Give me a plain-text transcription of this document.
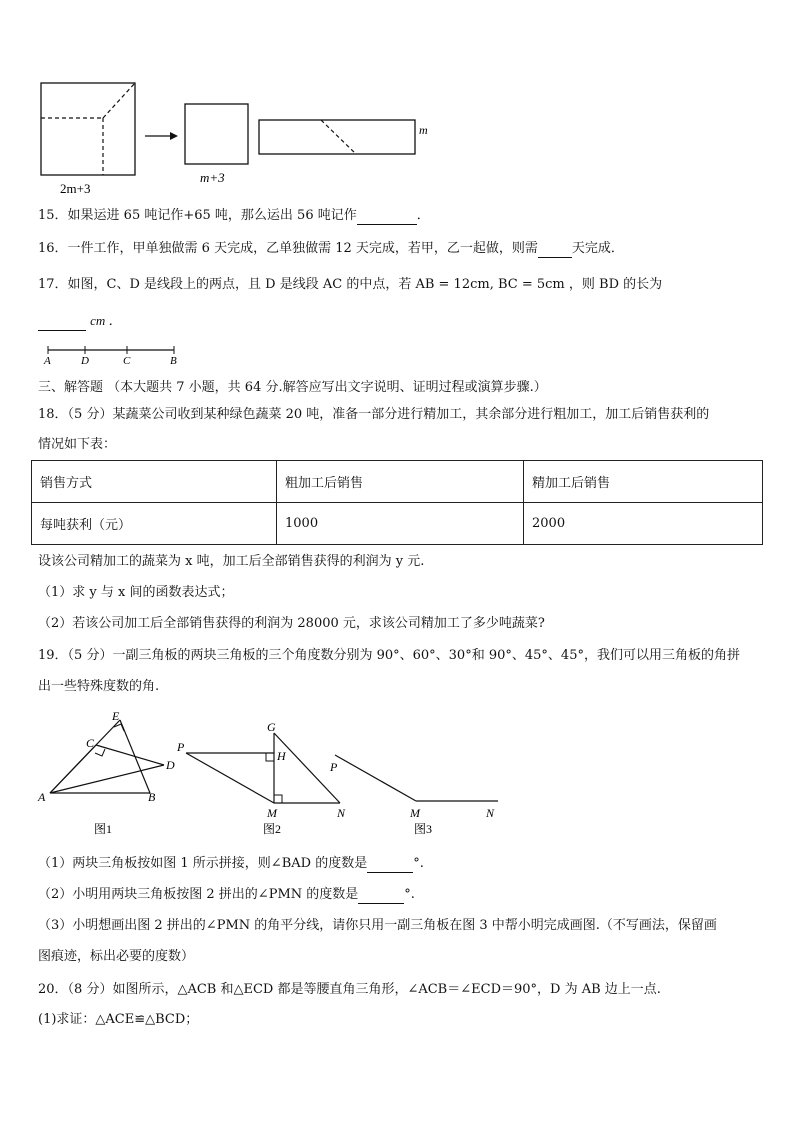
2m+3
m+3
m
15．如果运进 65 吨记作+65 吨，那么运出 56 吨记作	．
16．一件工作，甲单独做需 6 天完成，乙单独做需 12 天完成，若甲，乙一起做，则需	天完成．
17．如图，C、D 是线段上的两点，且 D 是线段 AC 的中点，若 AB = 12cm, BC = 5cm ，则 BD 的长为
cm ．
A	D	C	B
三、解答题 （本大题共 7 小题，共 64 分.解答应写出文字说明、证明过程或演算步骤.）
18．（5 分）某蔬菜公司收到某种绿色蔬菜 20 吨，准备一部分进行精加工，其余部分进行粗加工，加工后销售获利的
情况如下表：
销售方式	粗加工后销售	精加工后销售
每吨获利（元）	1000	2000
设该公司精加工的蔬菜为 x 吨，加工后全部销售获得的利润为 y 元.
（1）求 y 与 x 间的函数表达式；
（2）若该公司加工后全部销售获得的利润为 28000 元，求该公司精加工了多少吨蔬菜?
19．（5 分）一副三角板的两块三角板的三个角度数分别为 90°、60°、30°和 90°、45°、45°，我们可以用三角板的角拼
出一些特殊度数的角.
E
C
D
A	B
图1
G
P
H
M	N
图2
P
M	N
图3
（1）两块三角板按如图 1 所示拼接，则∠BAD 的度数是	°.
（2）小明用两块三角板按图 2 拼出的∠PMN 的度数是	°.
（3）小明想画出图 2 拼出的∠PMN 的角平分线，请你只用一副三角板在图 3 中帮小明完成画图.（不写画法，保留画
图痕迹，标出必要的度数）
20．（8 分）如图所示，△ACB 和△ECD 都是等腰直角三角形，∠ACB＝∠ECD＝90°，D 为 AB 边上一点.
(1)求证：△ACE≌△BCD；
